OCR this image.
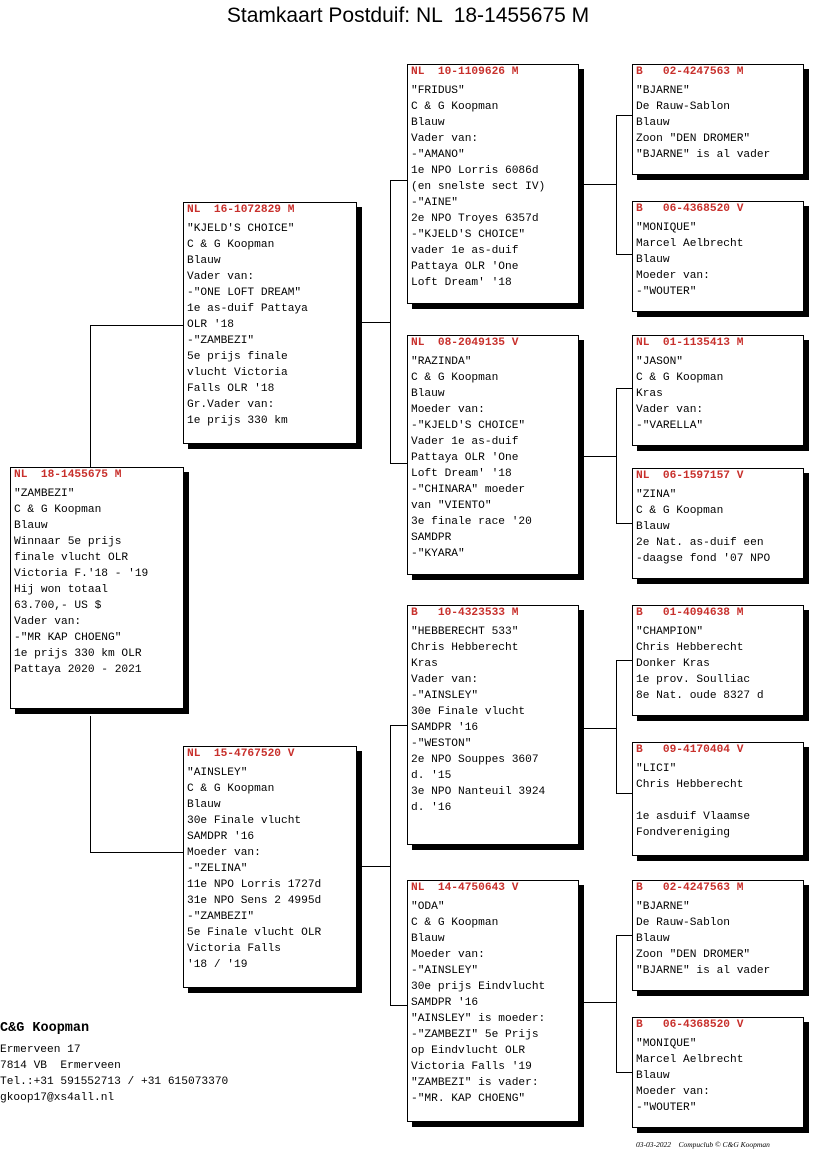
Stamkaart Postduif: NL  18-1455675 M
NL  18-1455675 M
"ZAMBEZI"
C & G Koopman
Blauw
Winnaar 5e prijs
finale vlucht OLR
Victoria F.'18 - '19
Hij won totaal
63.700,- US $
Vader van:
-"MR KAP CHOENG"
1e prijs 330 km OLR
Pattaya 2020 - 2021
NL  16-1072829 M
"KJELD'S CHOICE"
C & G Koopman
Blauw
Vader van:
-"ONE LOFT DREAM"
1e as-duif Pattaya
OLR '18
-"ZAMBEZI"
5e prijs finale
vlucht Victoria
Falls OLR '18
Gr.Vader van:
1e prijs 330 km
NL  15-4767520 V
"AINSLEY"
C & G Koopman
Blauw
30e Finale vlucht
SAMDPR '16
Moeder van:
-"ZELINA"
11e NPO Lorris 1727d
31e NPO Sens 2 4995d
-"ZAMBEZI"
5e Finale vlucht OLR
Victoria Falls
'18 / '19
NL  10-1109626 M
"FRIDUS"
C & G Koopman
Blauw
Vader van:
-"AMANO"
1e NPO Lorris 6086d
(en snelste sect IV)
-"AINE"
2e NPO Troyes 6357d
-"KJELD'S CHOICE"
vader 1e as-duif
Pattaya OLR 'One
Loft Dream' '18
NL  08-2049135 V
"RAZINDA"
C & G Koopman
Blauw
Moeder van:
-"KJELD'S CHOICE"
Vader 1e as-duif
Pattaya OLR 'One
Loft Dream' '18
-"CHINARA" moeder
van "VIENTO"
3e finale race '20
SAMDPR
-"KYARA"
B   10-4323533 M
"HEBBERECHT 533"
Chris Hebberecht
Kras
Vader van:
-"AINSLEY"
30e Finale vlucht
SAMDPR '16
-"WESTON"
2e NPO Souppes 3607
d. '15
3e NPO Nanteuil 3924
d. '16
NL  14-4750643 V
"ODA"
C & G Koopman
Blauw
Moeder van:
-"AINSLEY"
30e prijs Eindvlucht
SAMDPR '16
"AINSLEY" is moeder:
-"ZAMBEZI" 5e Prijs
op Eindvlucht OLR
Victoria Falls '19
"ZAMBEZI" is vader:
-"MR. KAP CHOENG"
B   02-4247563 M
"BJARNE"
De Rauw-Sablon
Blauw
Zoon "DEN DROMER"
"BJARNE" is al vader
B   06-4368520 V
"MONIQUE"
Marcel Aelbrecht
Blauw
Moeder van:
-"WOUTER"
NL  01-1135413 M
"JASON"
C & G Koopman
Kras
Vader van:
-"VARELLA"
NL  06-1597157 V
"ZINA"
C & G Koopman
Blauw
2e Nat. as-duif een
-daagse fond '07 NPO
B   01-4094638 M
"CHAMPION"
Chris Hebberecht
Donker Kras
1e prov. Soulliac
8e Nat. oude 8327 d
B   09-4170404 V
"LICI"
Chris Hebberecht
1e asduif Vlaamse
Fondvereniging
B   02-4247563 M
"BJARNE"
De Rauw-Sablon
Blauw
Zoon "DEN DROMER"
"BJARNE" is al vader
B   06-4368520 V
"MONIQUE"
Marcel Aelbrecht
Blauw
Moeder van:
-"WOUTER"
C&G Koopman
Ermerveen 17
7814 VB  Ermerveen
Tel.:+31 591552713 / +31 615073370
gkoop17@xs4all.nl
03-03-2022    Compuclub © C&G Koopman
